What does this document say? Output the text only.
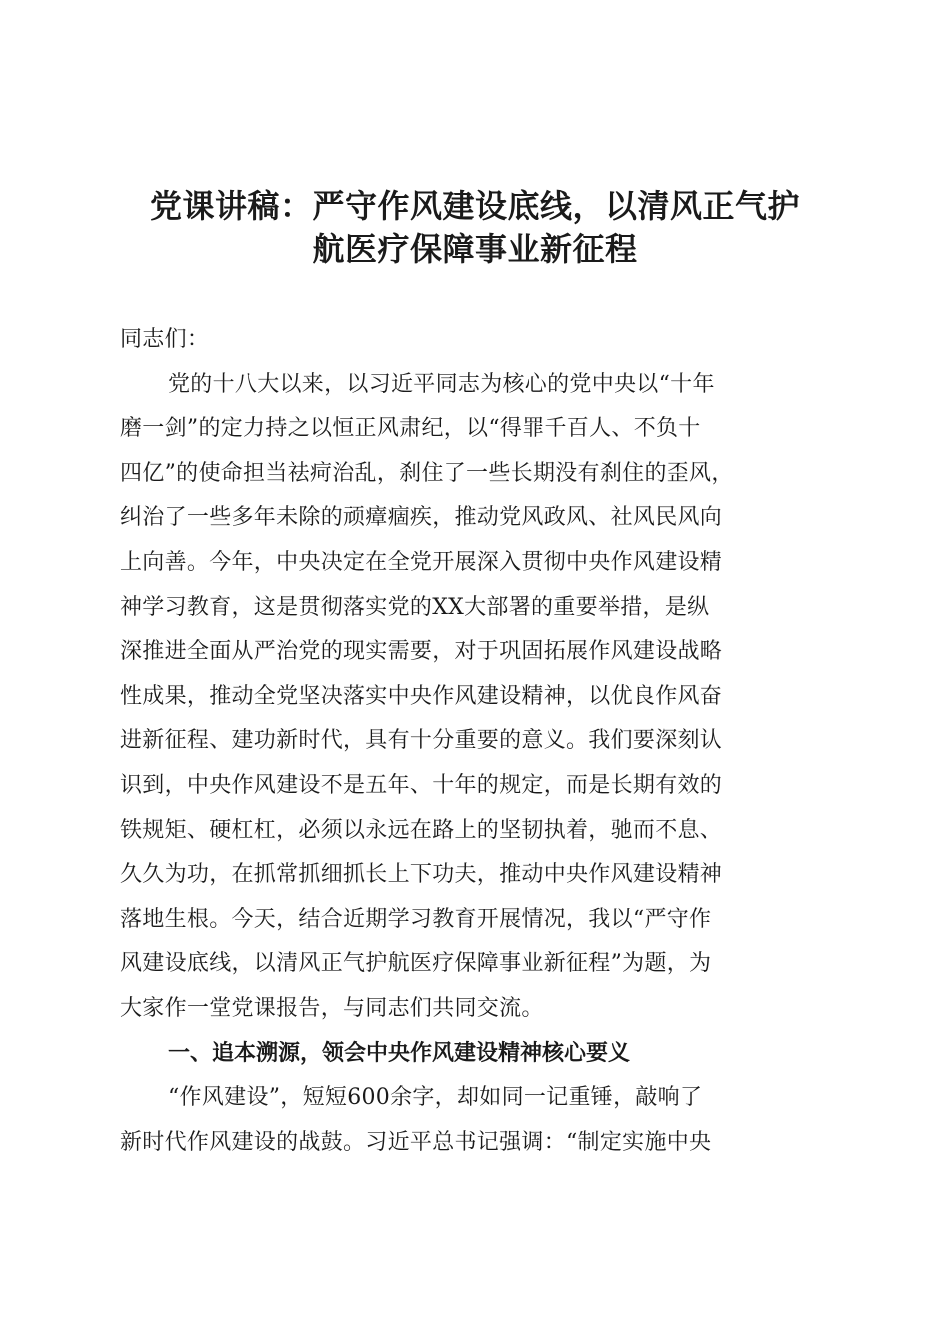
党课讲稿：严守作风建设底线，以清风正气护
航医疗保障事业新征程

同志们：

党的十八大以来，以习近平同志为核心的党中央以“十年
磨一剑”的定力持之以恒正风肃纪，以“得罪千百人、不负十
四亿”的使命担当祛疴治乱，刹住了一些长期没有刹住的歪风，
纠治了一些多年未除的顽瘴痼疾，推动党风政风、社风民风向
上向善。今年，中央决定在全党开展深入贯彻中央作风建设精
神学习教育，这是贯彻落实党的XX大部署的重要举措，是纵
深推进全面从严治党的现实需要，对于巩固拓展作风建设战略
性成果，推动全党坚决落实中央作风建设精神，以优良作风奋
进新征程、建功新时代，具有十分重要的意义。我们要深刻认
识到，中央作风建设不是五年、十年的规定，而是长期有效的
铁规矩、硬杠杠，必须以永远在路上的坚韧执着，驰而不息、
久久为功，在抓常抓细抓长上下功夫，推动中央作风建设精神
落地生根。今天，结合近期学习教育开展情况，我以“严守作
风建设底线，以清风正气护航医疗保障事业新征程”为题，为
大家作一堂党课报告，与同志们共同交流。

一、追本溯源，领会中央作风建设精神核心要义

“作风建设”，短短600余字，却如同一记重锤，敲响了
新时代作风建设的战鼓。习近平总书记强调：“制定实施中央
